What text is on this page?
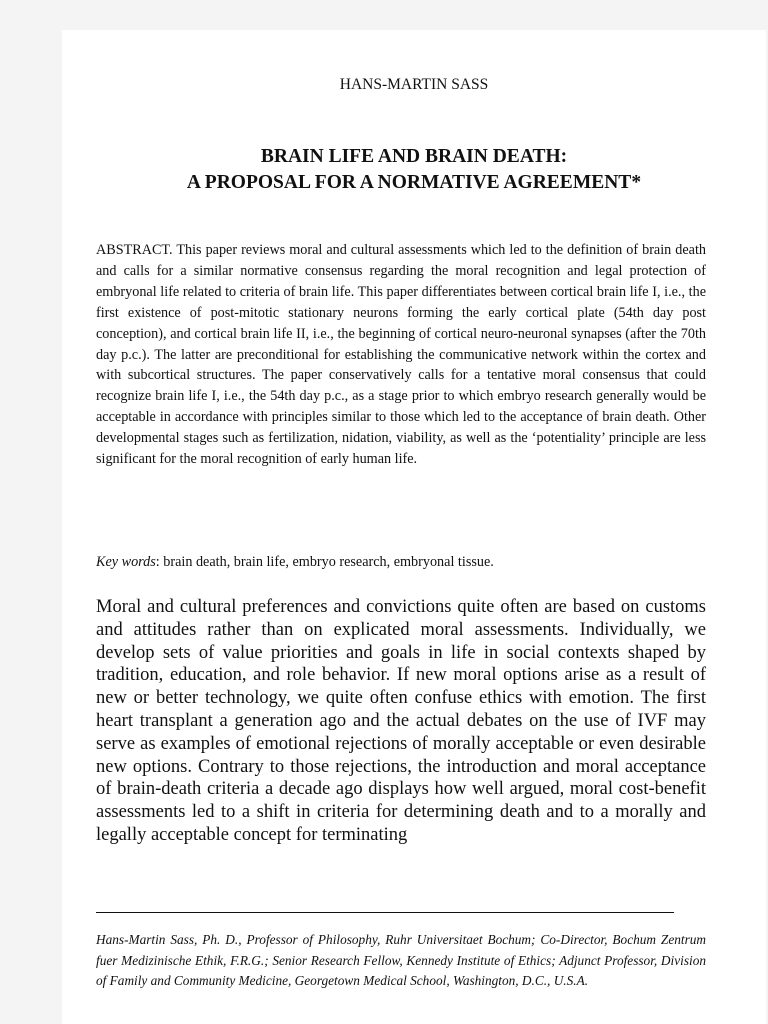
HANS-MARTIN SASS

BRAIN LIFE AND BRAIN DEATH:
A PROPOSAL FOR A NORMATIVE AGREEMENT*

ABSTRACT. This paper reviews moral and cultural assessments which led to the definition of brain death and calls for a similar normative consensus regarding the moral recognition and legal protection of embryonal life related to criteria of brain life. This paper differentiates between cortical brain life I, i.e., the first existence of post-mitotic stationary neurons forming the early cortical plate (54th day post conception), and cortical brain life II, i.e., the beginning of cortical neuro-neuronal synapses (after the 70th day p.c.). The latter are preconditional for establishing the communicative network within the cortex and with subcortical structures. The paper conservatively calls for a tentative moral consensus that could recognize brain life I, i.e., the 54th day p.c., as a stage prior to which embryo research generally would be acceptable in accordance with principles similar to those which led to the acceptance of brain death. Other developmental stages such as fertilization, nidation, viability, as well as the ‘potentiality’ principle are less significant for the moral recognition of early human life.

Key words: brain death, brain life, embryo research, embryonal tissue.

Moral and cultural preferences and convictions quite often are based on customs and attitudes rather than on explicated moral assessments. Individually, we develop sets of value priorities and goals in life in social contexts shaped by tradition, education, and role behavior. If new moral options arise as a result of new or better technology, we quite often confuse ethics with emotion. The first heart transplant a generation ago and the actual debates on the use of IVF may serve as examples of emotional rejections of morally acceptable or even desirable new options. Contrary to those rejections, the introduction and moral acceptance of brain-death criteria a decade ago displays how well argued, moral cost-benefit assessments led to a shift in criteria for determining death and to a morally and legally acceptable concept for terminating

Hans-Martin Sass, Ph. D., Professor of Philosophy, Ruhr Universitaet Bochum; Co-Director, Bochum Zentrum fuer Medizinische Ethik, F.R.G.; Senior Research Fellow, Kennedy Institute of Ethics; Adjunct Professor, Division of Family and Community Medicine, Georgetown Medical School, Washington, D.C., U.S.A.
